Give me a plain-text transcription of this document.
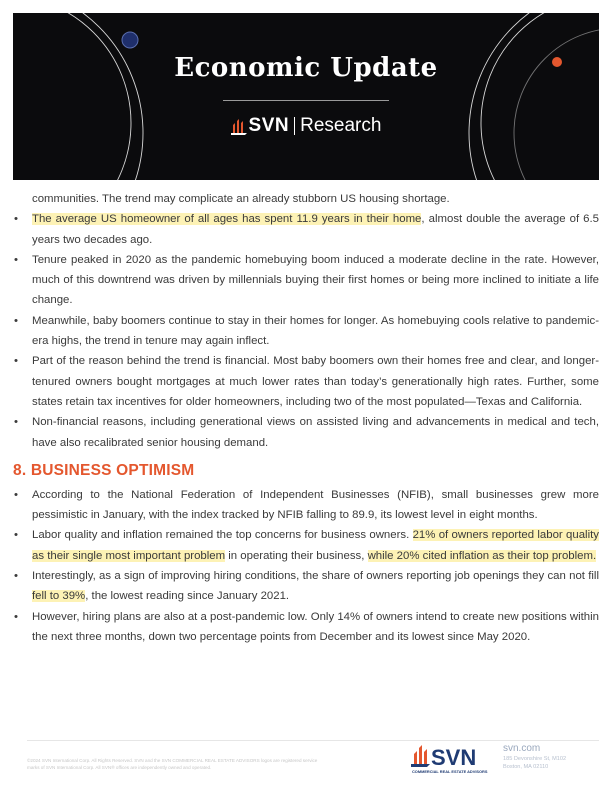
Economic Update
SVN Research

communities. The trend may complicate an already stubborn US housing shortage.

• The average US homeowner of all ages has spent 11.9 years in their home, almost double the average of 6.5 years two decades ago.
• Tenure peaked in 2020 as the pandemic homebuying boom induced a moderate decline in the rate. However, much of this downtrend was driven by millennials buying their first homes or being more inclined to initiate a life change.
• Meanwhile, baby boomers continue to stay in their homes for longer. As homebuying cools relative to pandemic-era highs, the trend in tenure may again inflect.
• Part of the reason behind the trend is financial. Most baby boomers own their homes free and clear, and longer-tenured owners bought mortgages at much lower rates than today’s generationally high rates. Further, some states retain tax incentives for older homeowners, including two of the most populated—Texas and California.
• Non-financial reasons, including generational views on assisted living and advancements in medical and tech, have also recalibrated senior housing demand.
8. BUSINESS OPTIMISM
• According to the National Federation of Independent Businesses (NFIB), small businesses grew more pessimistic in January, with the index tracked by NFIB falling to 89.9, its lowest level in eight months.
• Labor quality and inflation remained the top concerns for business owners. 21% of owners reported labor quality as their single most important problem in operating their business, while 20% cited inflation as their top problem.
• Interestingly, as a sign of improving hiring conditions, the share of owners reporting job openings they can not fill fell to 39%, the lowest reading since January 2021.
• However, hiring plans are also at a post-pandemic low. Only 14% of owners intend to create new positions within the next three months, down two percentage points from December and its lowest since May 2020.
©2024 SVN International Corp. All Rights Reserved. SVN and the SVN COMMERCIAL REAL ESTATE ADVISORS logos are registered service marks of SVN International Corp. All SVN® offices are independently owned and operated.	SVN
COMMERCIAL REAL ESTATE ADVISORS
svn.com
185 Devonshire St, M102
Boston, MA 02110
